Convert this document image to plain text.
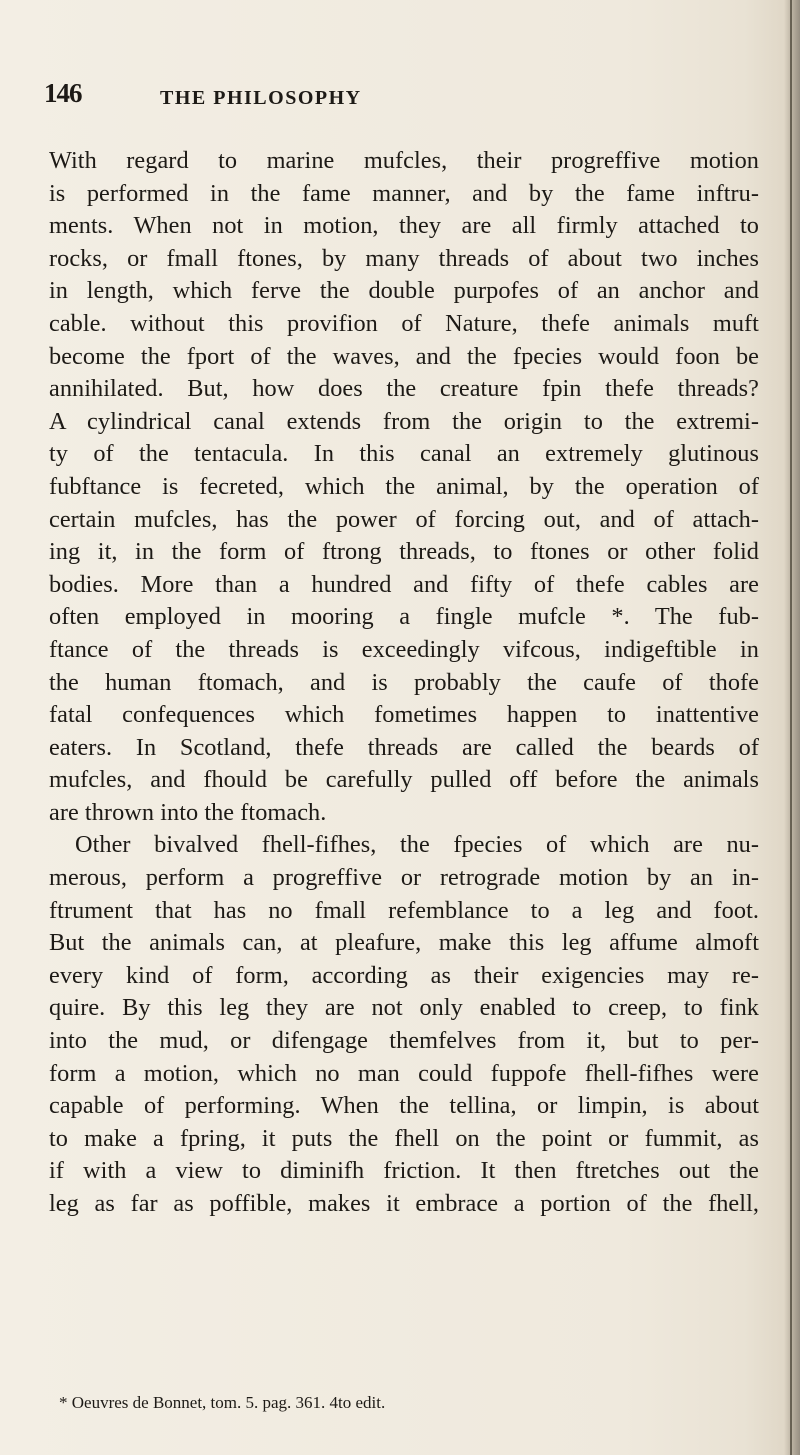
146	THE PHILOSOPHY
With regard to marine mufcles, their progreffive motion
is performed in the fame manner, and by the fame inftru-
ments. When not in motion, they are all firmly attached to
rocks, or fmall ftones, by many threads of about two inches
in length, which ferve the double purpofes of an anchor and
cable. without this provifion of Nature, thefe animals muft
become the fport of the waves, and the fpecies would foon be
annihilated. But, how does the creature fpin thefe threads?
A cylindrical canal extends from the origin to the extremi-
ty of the tentacula. In this canal an extremely glutinous
fubftance is fecreted, which the animal, by the operation of
certain mufcles, has the power of forcing out, and of attach-
ing it, in the form of ftrong threads, to ftones or other folid
bodies. More than a hundred and fifty of thefe cables are
often employed in mooring a fingle mufcle *. The fub-
ftance of the threads is exceedingly vifcous, indigeftible in
the human ftomach, and is probably the caufe of thofe
fatal confequences which fometimes happen to inattentive
eaters. In Scotland, thefe threads are called the beards of
mufcles, and fhould be carefully pulled off before the animals
are thrown into the ftomach.
Other bivalved fhell-fifhes, the fpecies of which are nu-
merous, perform a progreffive or retrograde motion by an in-
ftrument that has no fmall refemblance to a leg and foot.
But the animals can, at pleafure, make this leg affume almoft
every kind of form, according as their exigencies may re-
quire. By this leg they are not only enabled to creep, to fink
into the mud, or difengage themfelves from it, but to per-
form a motion, which no man could fuppofe fhell-fifhes were
capable of performing. When the tellina, or limpin, is about
to make a fpring, it puts the fhell on the point or fummit, as
if with a view to diminifh friction. It then ftretches out the
leg as far as poffible, makes it embrace a portion of the fhell,
* Oeuvres de Bonnet, tom. 5. pag. 361. 4to edit.
